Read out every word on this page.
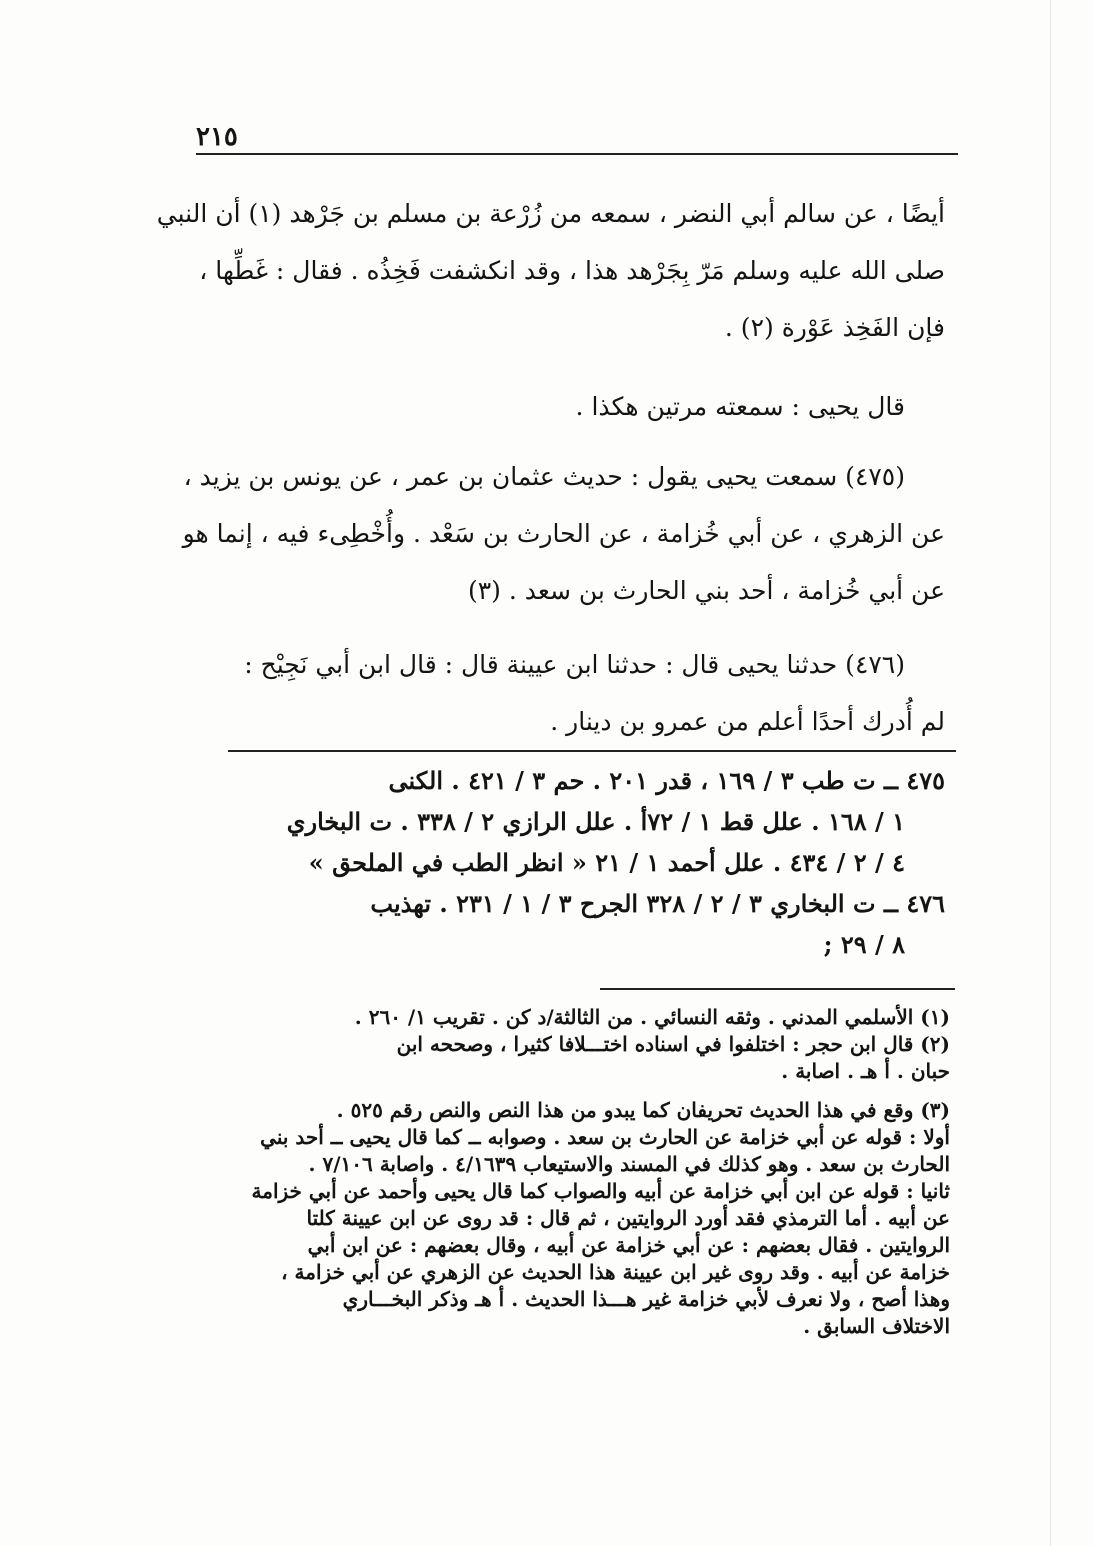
٢١٥
أيضًا ، عن سالم أبي النضر ، سمعه من زُرْعة بن مسلم بن جَرْهد (١) أن النبي
صلى الله عليه وسلم مَرّ بِجَرْهد هذا ، وقد انكشفت فَخِذُه . فقال : غَطِّها ،
فإن الفَخِذ عَوْرة (٢) .
قال يحيى : سمعته مرتين هكذا .
(٤٧٥) سمعت يحيى يقول : حديث عثمان بن عمر ، عن يونس بن يزيد ،
عن الزهري ، عن أبي خُزامة ، عن الحارث بن سَعْد . وأُخْطِىء فيه ، إنما هو
عن أبي خُزامة ، أحد بني الحارث بن سعد . (٣)
(٤٧٦) حدثنا يحيى قال : حدثنا ابن عيينة قال : قال ابن أبي نَجِيْح :
لم أُدرك أحدًا أعلم من عمرو بن دينار .
٤٧٥ ــ ت طب ٣ / ١٦٩ ، قدر ٢٠١ . حم ٣ / ٤٢١ . الكنى
١ / ١٦٨ . علل قط ١ / ٧٢أ . علل الرازي ٢ / ٣٣٨ . ت البخاري
٤ / ٢ / ٤٣٤ . علل أحمد ١ / ٢١ « انظر الطب في الملحق »
٤٧٦ ــ ت البخاري ٣ / ٢ / ٣٢٨ الجرح ٣ / ١ / ٢٣١ . تهذيب
٨ / ٢٩ ;
(١) الأسلمي المدني . وثقه النسائي . من الثالثة/د كن . تقريب ١/ ٢٦٠ .
(٢) قال ابن حجر : اختلفوا في اسناده اختـــلافا كثيرا ، وصححه ابن
حبان . أ هـ . اصابة .
(٣) وقع في هذا الحديث تحريفان كما يبدو من هذا النص والنص رقم ٥٢٥ .
أولا : قوله عن أبي خزامة عن الحارث بن سعد . وصوابه ــ كما قال يحيى ــ أحد بني
الحارث بن سعد . وهو كذلك في المسند والاستيعاب ٤/١٦٣٩ . واصابة ٧/١٠٦ .
ثانيا : قوله عن ابن أبي خزامة عن أبيه والصواب كما قال يحيى وأحمد عن أبي خزامة
عن أبيه . أما الترمذي فقد أورد الروايتين ، ثم قال : قد روى عن ابن عيينة كلتا
الروايتين . فقال بعضهم : عن أبي خزامة عن أبيه ، وقال بعضهم : عن ابن أبي
خزامة عن أبيه . وقد روى غير ابن عيينة هذا الحديث عن الزهري عن أبي خزامة ،
وهذا أصح ، ولا نعرف لأبي خزامة غير هـــذا الحديث . أ هـ وذكر البخـــاري
الاختلاف السابق .
